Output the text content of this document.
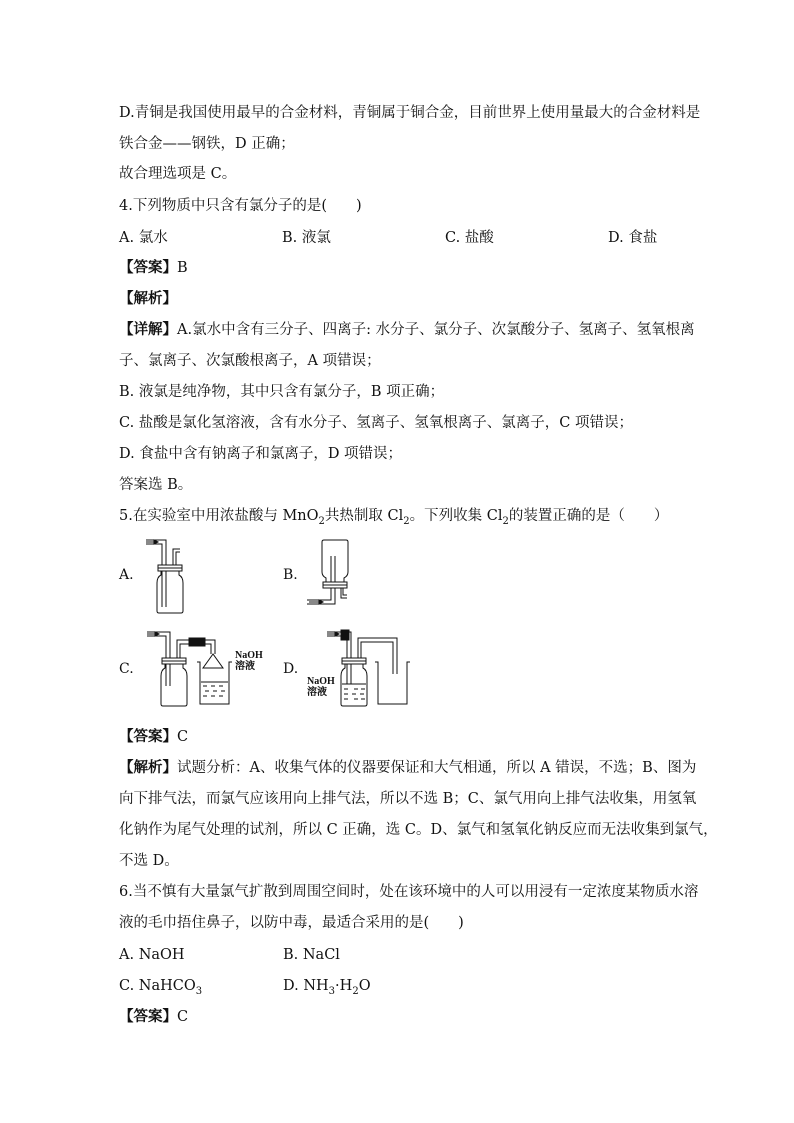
D.青铜是我国使用最早的合金材料，青铜属于铜合金，目前世界上使用量最大的合金材料是
铁合金——钢铁，D 正确；
故合理选项是 C。
4.下列物质中只含有氯分子的是(　　)
A. 氯水	B. 液氯	C. 盐酸	D. 食盐
【答案】B
【解析】
【详解】A.氯水中含有三分子、四离子: 水分子、氯分子、次氯酸分子、氢离子、氢氧根离
子、氯离子、次氯酸根离子，A 项错误；
B. 液氯是纯净物，其中只含有氯分子，B 项正确；
C. 盐酸是氯化氢溶液，含有水分子、氢离子、氢氧根离子、氯离子，C 项错误；
D. 食盐中含有钠离子和氯离子，D 项错误；
答案选 B。
5.在实验室中用浓盐酸与 MnO$_2$共热制取 $Cl_2$。下列收集 $Cl_2$的装置正确的是（　　）
A.	B.
C.	D.
NaOH
溶液
NaOH
溶液
【答案】C
【解析】试题分析：A、收集气体的仪器要保证和大气相通，所以 A 错误，不选；B、图为
向下排气法，而氯气应该用向上排气法，所以不选 B；C、氯气用向上排气法收集，用氢氧
化钠作为尾气处理的试剂，所以 C 正确，选 C。D、氯气和氢氧化钠反应而无法收集到氯气，
不选 D。
6.当不慎有大量氯气扩散到周围空间时，处在该环境中的人可以用浸有一定浓度某物质水溶
液的毛巾捂住鼻子，以防中毒，最适合采用的是(　　)
A. NaOH	B. NaCl
C. NaHCO$_3$	D. $NH_3\cdot H_2O$
【答案】C
